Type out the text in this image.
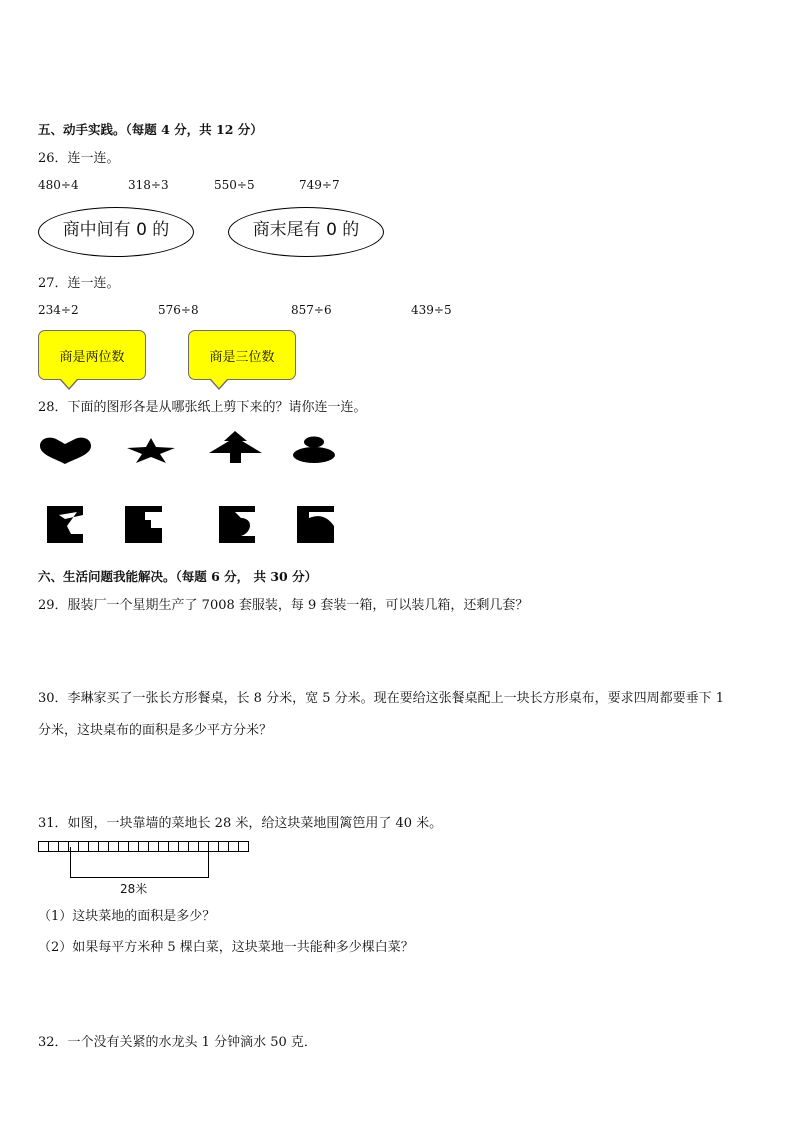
五、动手实践。（每题 4 分，共 12 分）
26．连一连。
480÷4	318÷3	550÷5	749÷7
商中间有 0 的	商末尾有 0 的
27．连一连。
234÷2	576÷8	857÷6	439÷5
商是两位数	商是三位数
28．下面的图形各是从哪张纸上剪下来的？请你连一连。
六、生活问题我能解决。（每题 6 分， 共 30 分）
29．服装厂一个星期生产了 7008 套服装，每 9 套装一箱，可以装几箱，还剩几套？
30．李琳家买了一张长方形餐桌，长 8 分米，宽 5 分米。现在要给这张餐桌配上一块长方形桌布，要求四周都要垂下 1
分米，这块桌布的面积是多少平方分米？
31．如图，一块靠墙的菜地长 28 米，给这块菜地围篱笆用了 40 米。
28米
（1）这块菜地的面积是多少？
（2）如果每平方米种 5 棵白菜，这块菜地一共能种多少棵白菜？
32．一个没有关紧的水龙头 1 分钟滴水 50 克．
